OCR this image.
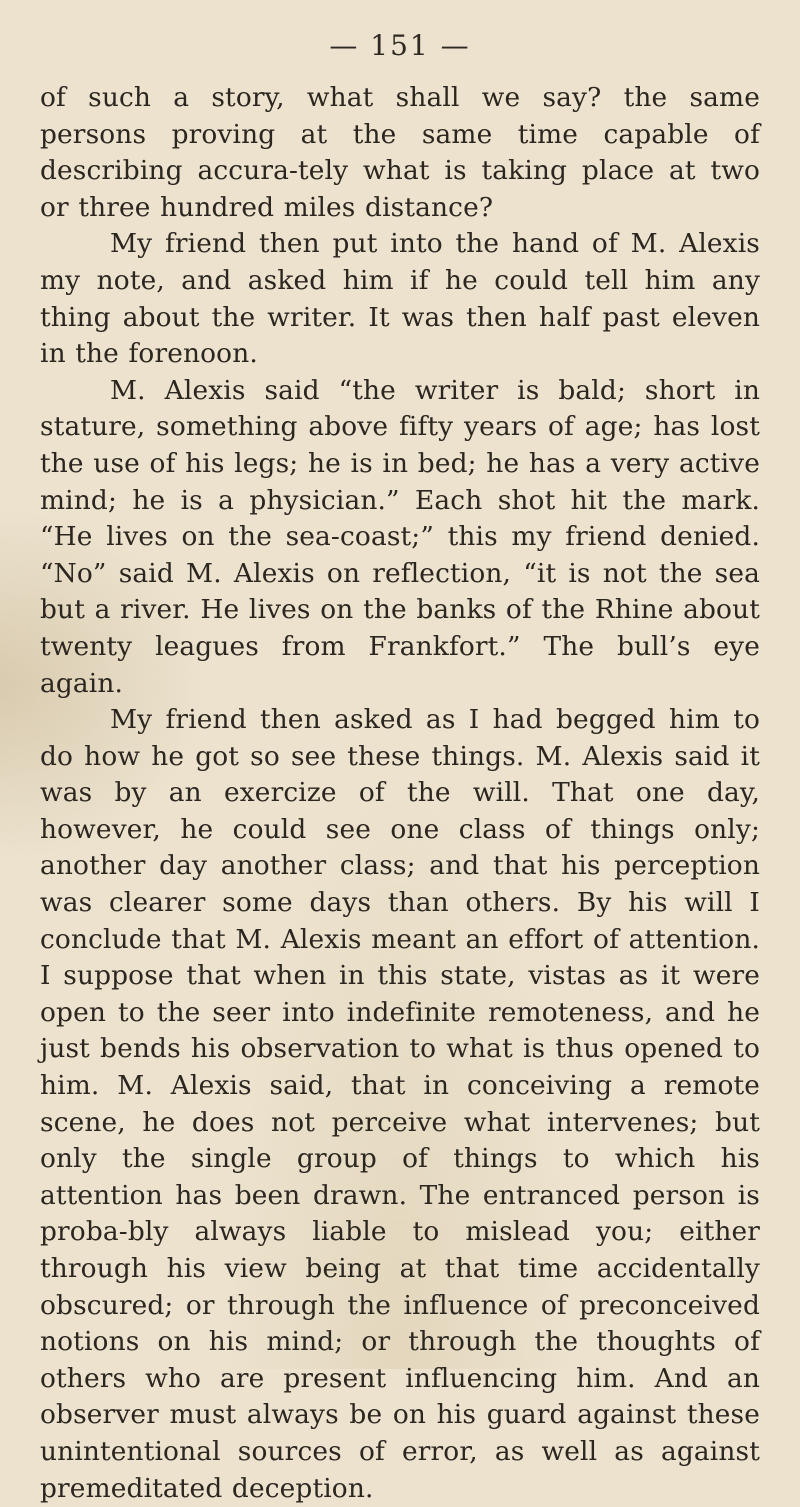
— 151 —

of such a story, what shall we say? the same persons proving at the same time capable of describing accura-tely what is taking place at two or three hundred miles distance?

My friend then put into the hand of M. Alexis my note, and asked him if he could tell him any thing about the writer. It was then half past eleven in the forenoon.

M. Alexis said “the writer is bald; short in stature, something above fifty years of age; has lost the use of his legs; he is in bed; he has a very active mind; he is a physician.” Each shot hit the mark. “He lives on the sea-coast;” this my friend denied. “No” said M. Alexis on reflection, “it is not the sea but a river. He lives on the banks of the Rhine about twenty leagues from Frankfort.” The bull’s eye again.

My friend then asked as I had begged him to do how he got so see these things. M. Alexis said it was by an exercize of the will. That one day, however, he could see one class of things only; another day another class; and that his perception was clearer some days than others. By his will I conclude that M. Alexis meant an effort of attention. I suppose that when in this state, vistas as it were open to the seer into indefinite remoteness, and he just bends his observation to what is thus opened to him. M. Alexis said, that in conceiving a remote scene, he does not perceive what intervenes; but only the single group of things to which his attention has been drawn. The entranced person is proba-bly always liable to mislead you; either through his view being at that time accidentally obscured; or through the influence of preconceived notions on his mind; or through the thoughts of others who are present influencing him. And an observer must always be on his guard against these unintentional sources of error, as well as against premeditated deception.
